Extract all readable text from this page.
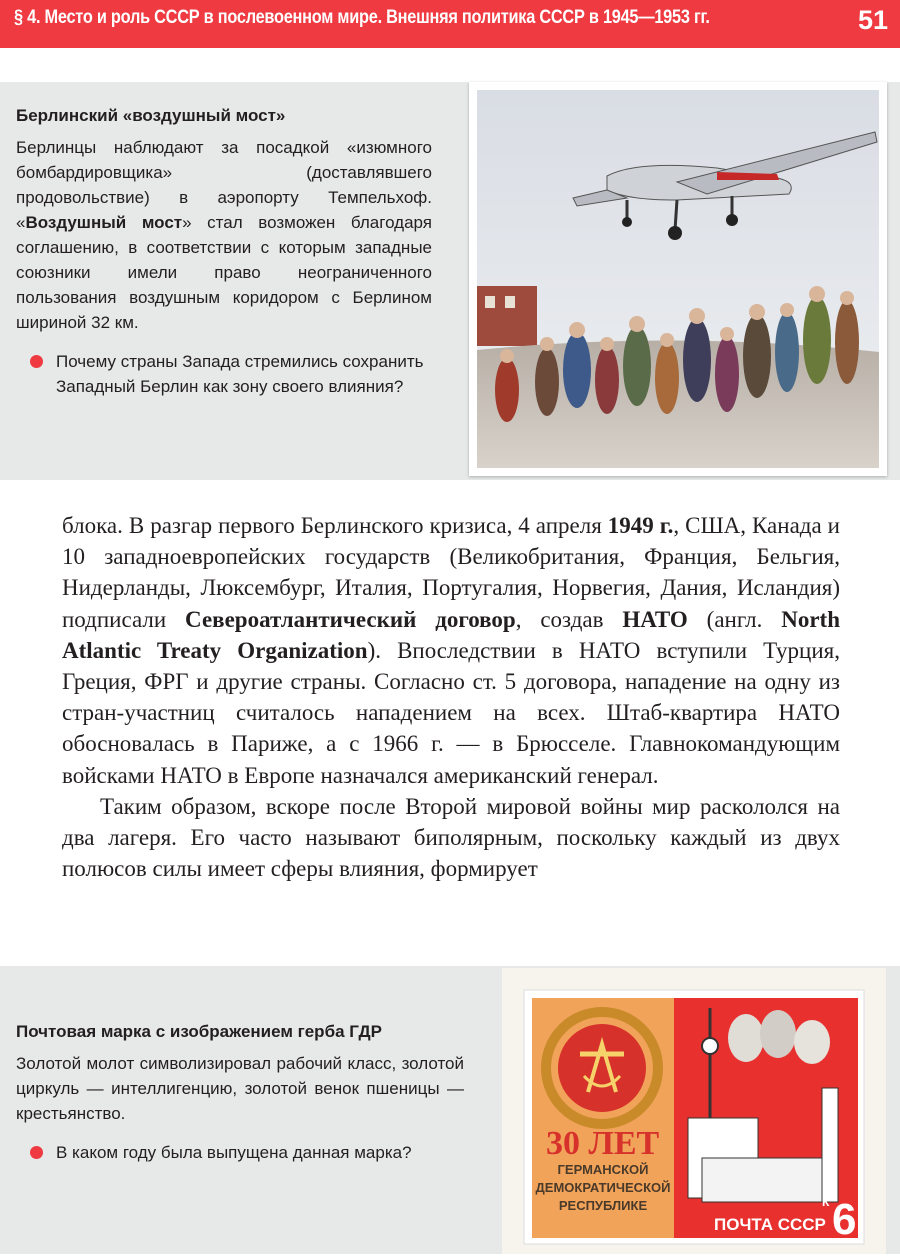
§ 4. Место и роль СССР в послевоенном мире. Внешняя политика СССР в 1945—1953 гг.	51
Берлинский «воздушный мост»
Берлинцы наблюдают за посадкой «изюмного бомбардировщика» (доставлявшего продовольствие) в аэропорту Темпельхоф. «Воздушный мост» стал возможен благодаря соглашению, в соответствии с которым западные союзники имели право неограниченного пользования воздушным коридором с Берлином шириной 32 км.
Почему страны Запада стремились сохранить Западный Берлин как зону своего влияния?

блока. В разгар первого Берлинского кризиса, 4 апреля 1949 г., США, Канада и 10 западноевропейских государств (Великобритания, Франция, Бельгия, Нидерланды, Люксембург, Италия, Португалия, Норвегия, Дания, Исландия) подписали Североатлантический договор, создав НАТО (англ. North Atlantic Treaty Organization). Впоследствии в НАТО вступили Турция, Греция, ФРГ и другие страны. Согласно ст. 5 договора, нападение на одну из стран-участниц считалось нападением на всех. Штаб-квартира НАТО обосновалась в Париже, а с 1966 г. — в Брюсселе. Главнокомандующим войсками НАТО в Европе назначался американский генерал.

Таким образом, вскоре после Второй мировой войны мир раскололся на два лагеря. Его часто называют биполярным, поскольку каждый из двух полюсов силы имеет сферы влияния, формирует

Почтовая марка с изображением герба ГДР
Золотой молот символизировал рабочий класс, золотой циркуль — интеллигенцию, золотой венок пшеницы — крестьянство.
В каком году была выпущена данная марка?	30 ЛЕТ
ГЕРМАНСКОЙ
ДЕМОКРАТИЧЕСКОЙ
РЕСПУБЛИКЕ
ПОЧТА СССР
К 6
